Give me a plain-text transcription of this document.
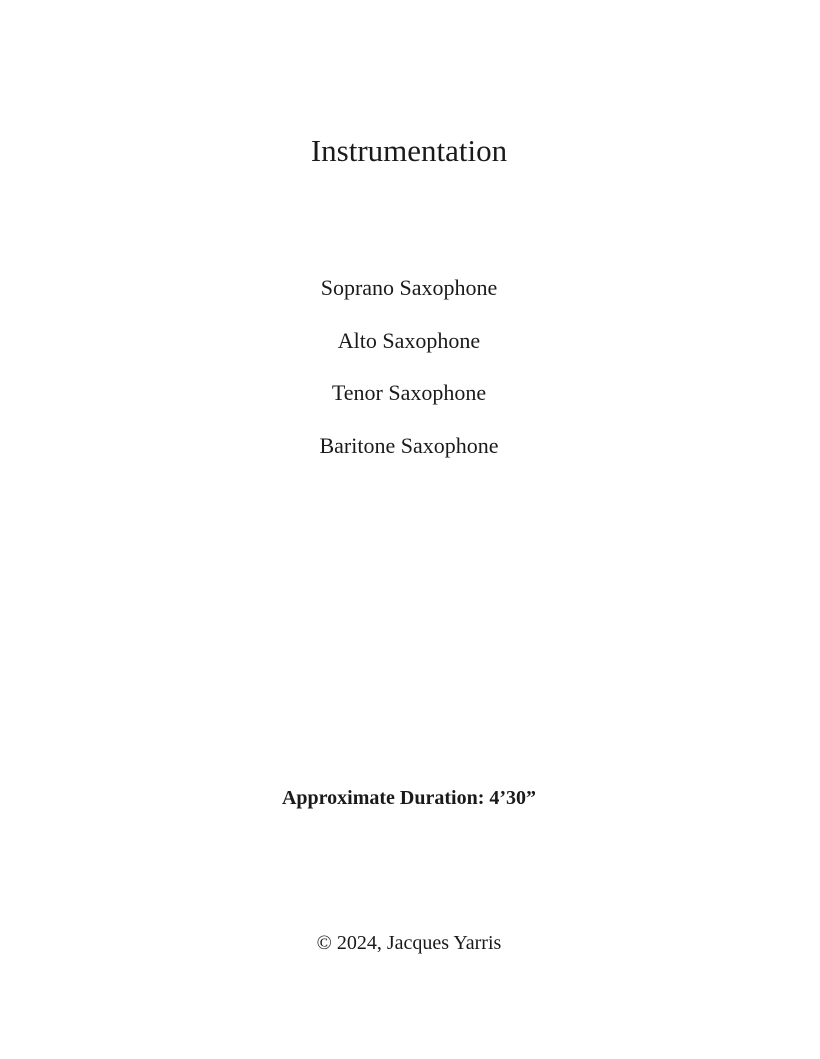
Instrumentation
Soprano Saxophone
Alto Saxophone
Tenor Saxophone
Baritone Saxophone
Approximate Duration: 4’30”
© 2024, Jacques Yarris
